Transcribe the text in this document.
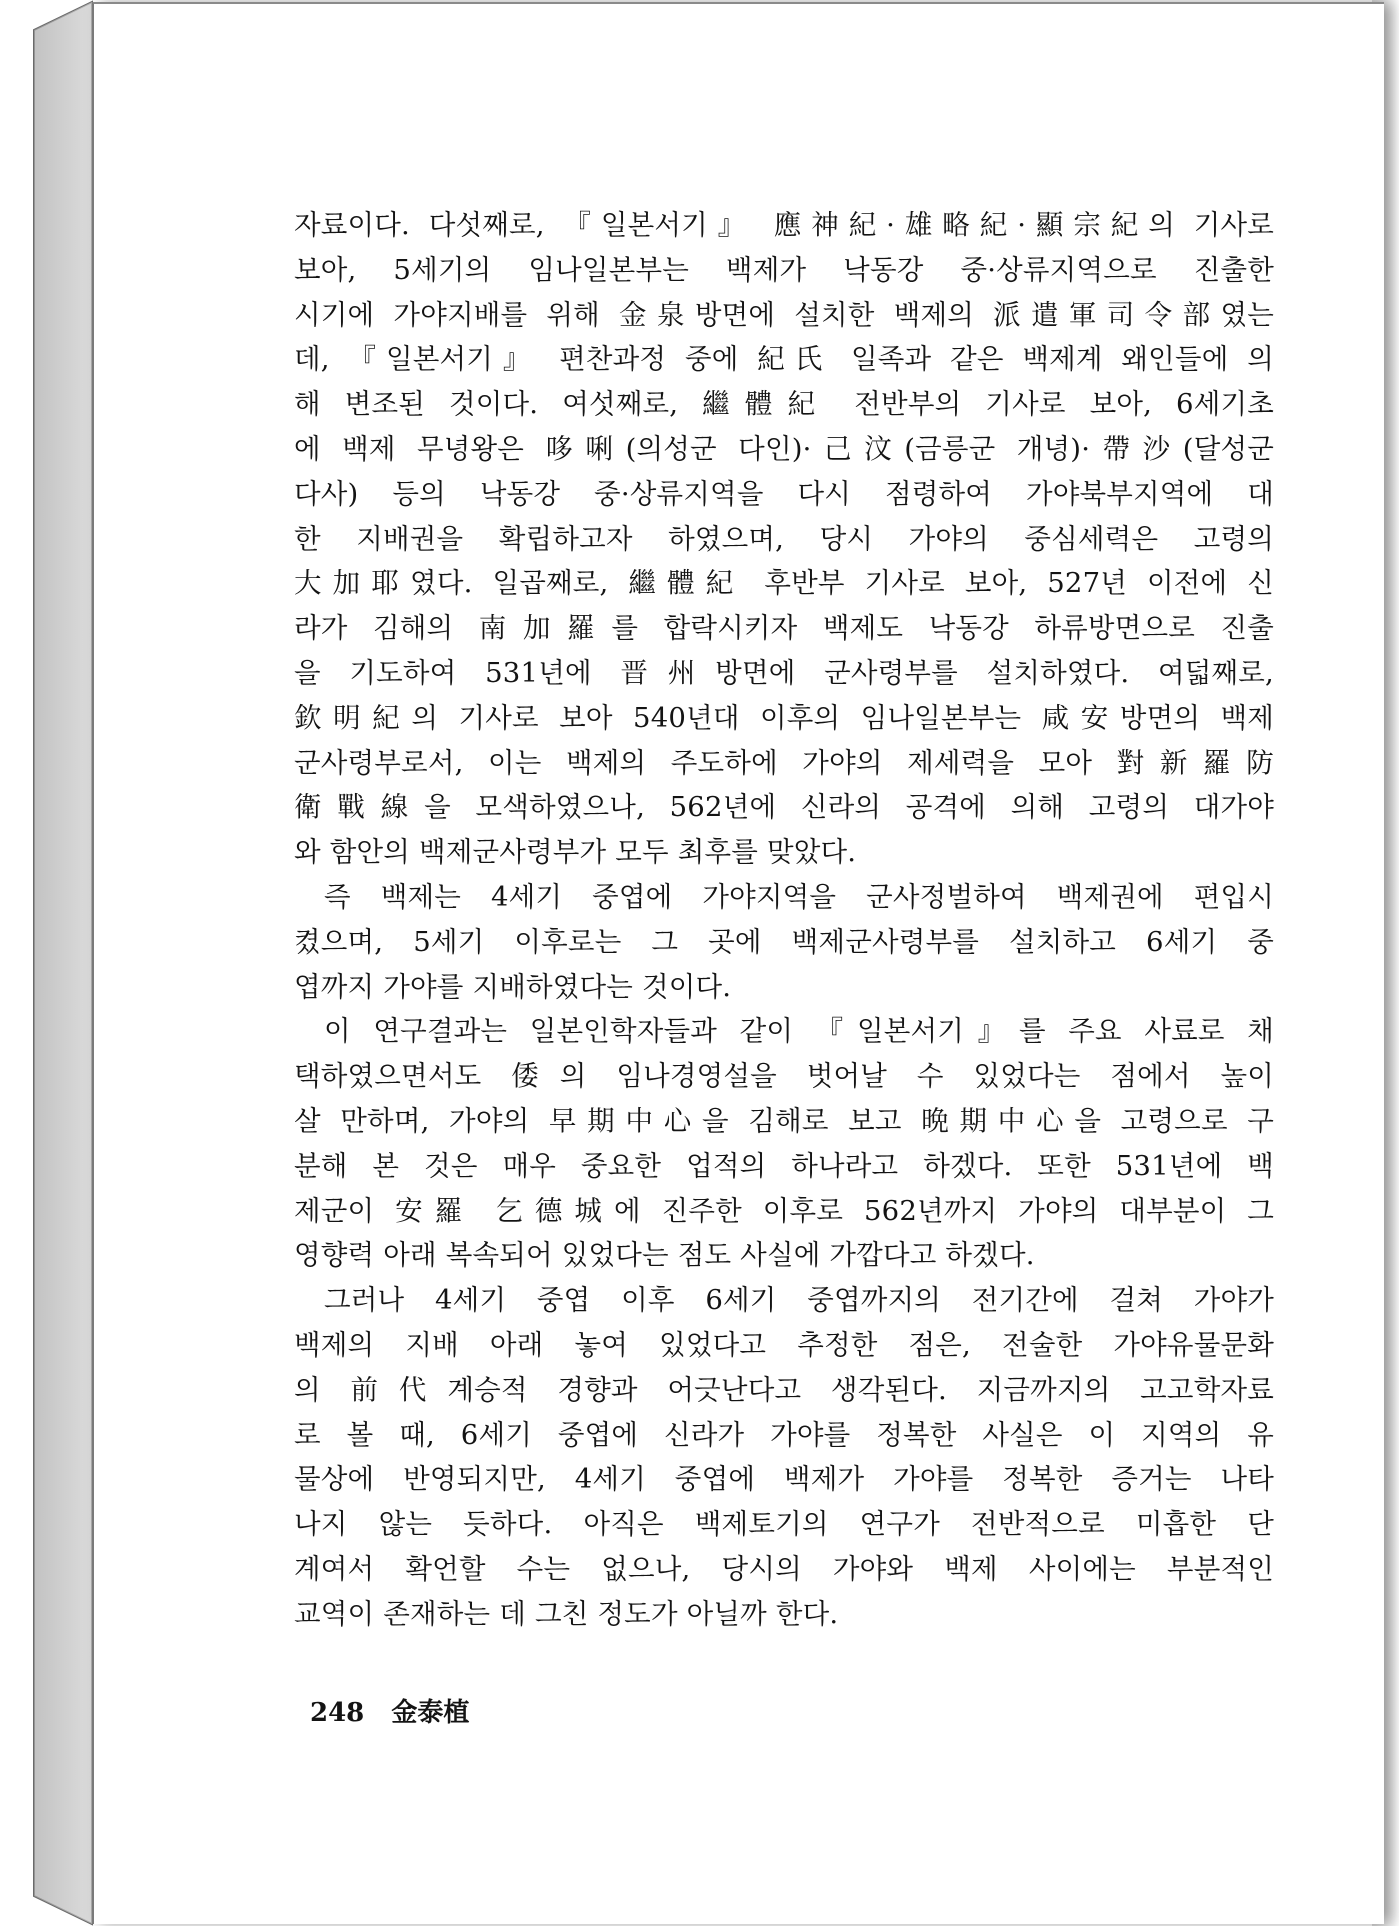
자료이다. 다섯째로, 『일본서기』 應神紀·雄略紀·顯宗紀의 기사로
보아, 5세기의 임나일본부는 백제가 낙동강 중·상류지역으로 진출한
시기에 가야지배를 위해 金泉방면에 설치한 백제의 派遣軍司令部였는
데, 『일본서기』 편찬과정 중에 紀氏 일족과 같은 백제계 왜인들에 의
해 변조된 것이다. 여섯째로, 繼體紀 전반부의 기사로 보아, 6세기초
에 백제 무녕왕은 哆唎(의성군 다인)·己汶(금릉군 개녕)·帶沙(달성군
다사) 등의 낙동강 중·상류지역을 다시 점령하여 가야북부지역에 대
한 지배권을 확립하고자 하였으며, 당시 가야의 중심세력은 고령의
大加耶였다. 일곱째로, 繼體紀 후반부 기사로 보아, 527년 이전에 신
라가 김해의 南加羅를 합락시키자 백제도 낙동강 하류방면으로 진출
을 기도하여 531년에 晋州방면에 군사령부를 설치하였다. 여덟째로,
欽明紀의 기사로 보아 540년대 이후의 임나일본부는 咸安방면의 백제
군사령부로서, 이는 백제의 주도하에 가야의 제세력을 모아 對新羅防
衛戰線을 모색하였으나, 562년에 신라의 공격에 의해 고령의 대가야
와 함안의 백제군사령부가 모두 최후를 맞았다.
즉 백제는 4세기 중엽에 가야지역을 군사정벌하여 백제권에 편입시
켰으며, 5세기 이후로는 그 곳에 백제군사령부를 설치하고 6세기 중
엽까지 가야를 지배하였다는 것이다.
이 연구결과는 일본인학자들과 같이 『일본서기』를 주요 사료로 채
택하였으면서도 倭의 임나경영설을 벗어날 수 있었다는 점에서 높이
살 만하며, 가야의 早期中心을 김해로 보고 晩期中心을 고령으로 구
분해 본 것은 매우 중요한 업적의 하나라고 하겠다. 또한 531년에 백
제군이 安羅 乞德城에 진주한 이후로 562년까지 가야의 대부분이 그
영향력 아래 복속되어 있었다는 점도 사실에 가깝다고 하겠다.
그러나 4세기 중엽 이후 6세기 중엽까지의 전기간에 걸쳐 가야가
백제의 지배 아래 놓여 있었다고 추정한 점은, 전술한 가야유물문화
의 前代계승적 경향과 어긋난다고 생각된다. 지금까지의 고고학자료
로 볼 때, 6세기 중엽에 신라가 가야를 정복한 사실은 이 지역의 유
물상에 반영되지만, 4세기 중엽에 백제가 가야를 정복한 증거는 나타
나지 않는 듯하다. 아직은 백제토기의 연구가 전반적으로 미흡한 단
계여서 확언할 수는 없으나, 당시의 가야와 백제 사이에는 부분적인
교역이 존재하는 데 그친 정도가 아닐까 한다.
248 金泰植
